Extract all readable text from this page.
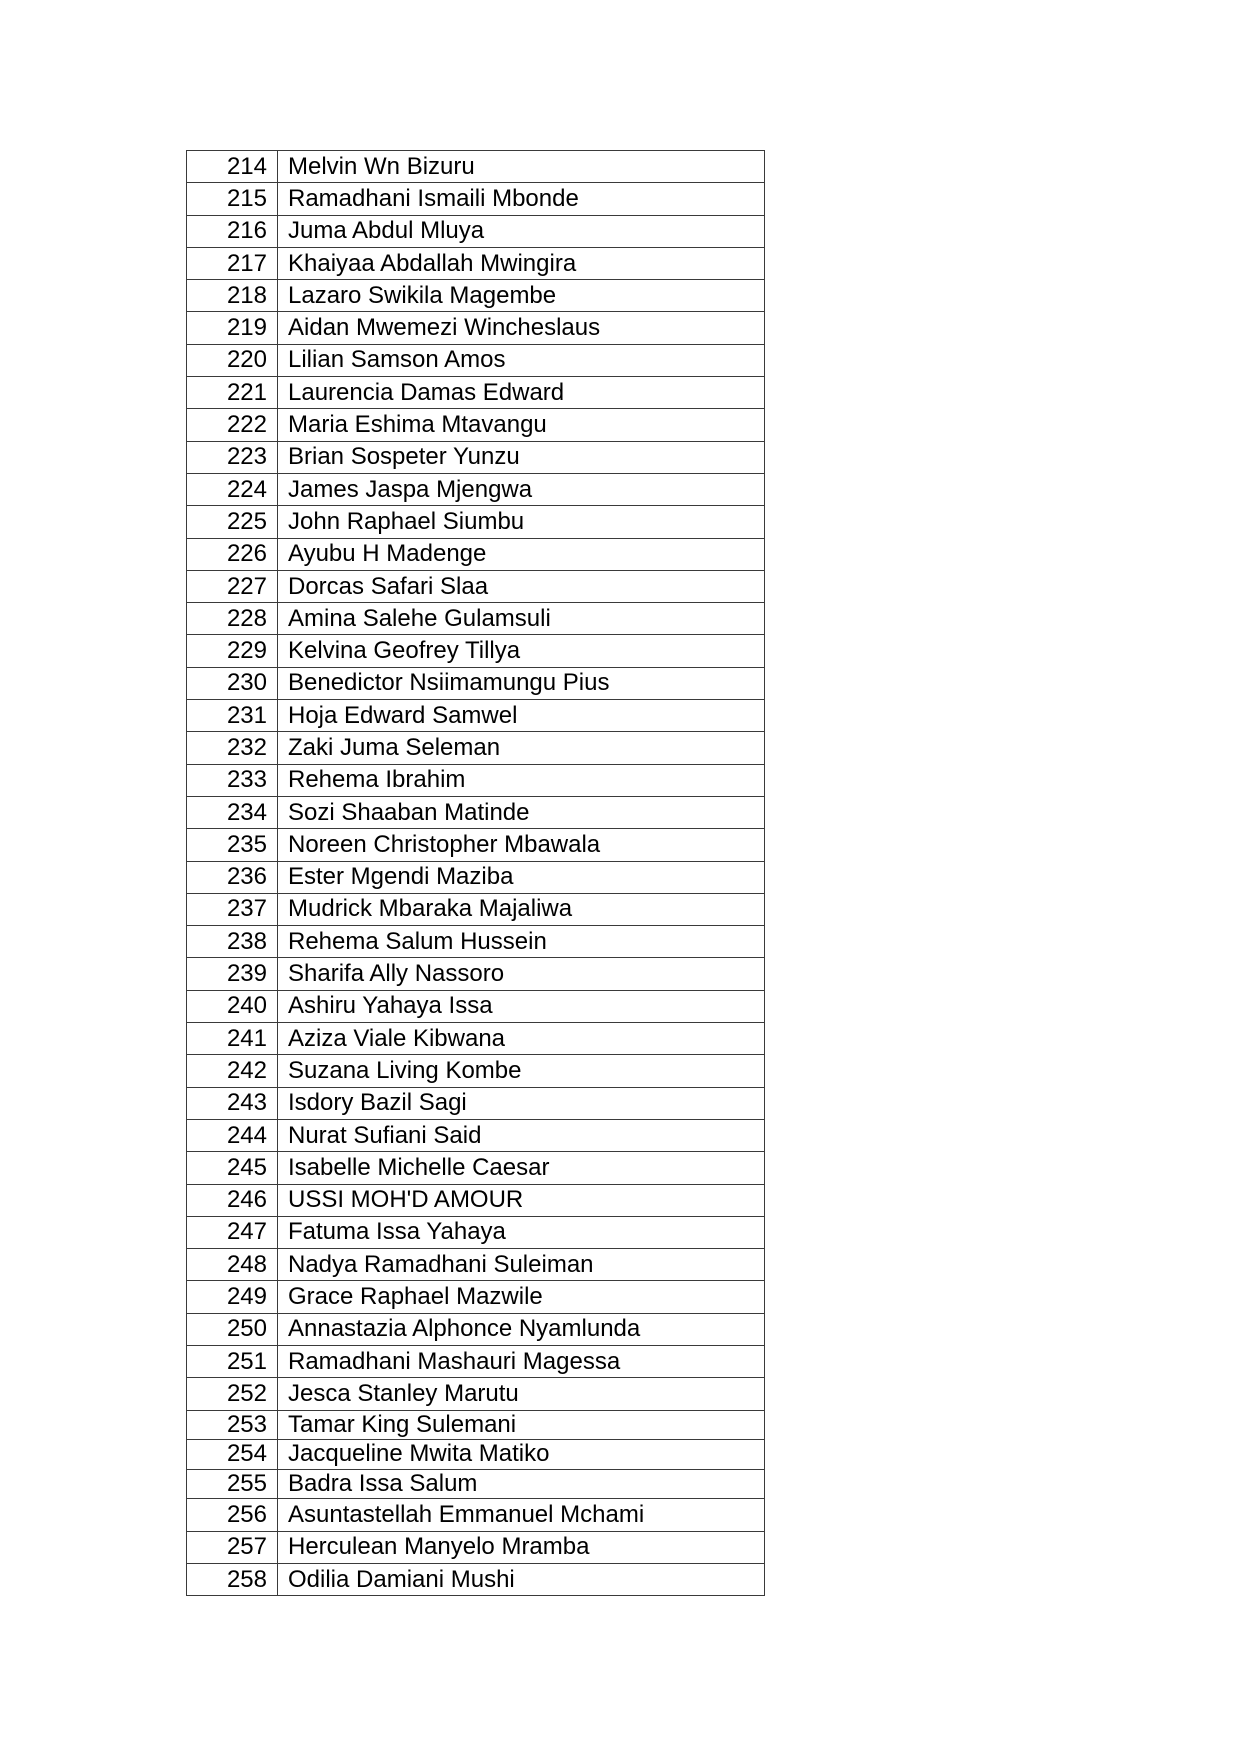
214	Melvin Wn Bizuru
215	Ramadhani Ismaili Mbonde
216	Juma Abdul Mluya
217	Khaiyaa Abdallah Mwingira
218	Lazaro Swikila Magembe
219	Aidan Mwemezi Wincheslaus
220	Lilian Samson Amos
221	Laurencia Damas Edward
222	Maria Eshima Mtavangu
223	Brian Sospeter Yunzu
224	James Jaspa Mjengwa
225	John Raphael Siumbu
226	Ayubu H Madenge
227	Dorcas Safari Slaa
228	Amina Salehe Gulamsuli
229	Kelvina Geofrey Tillya
230	Benedictor Nsiimamungu Pius
231	Hoja Edward Samwel
232	Zaki Juma Seleman
233	Rehema Ibrahim
234	Sozi Shaaban Matinde
235	Noreen Christopher Mbawala
236	Ester Mgendi Maziba
237	Mudrick Mbaraka Majaliwa
238	Rehema Salum Hussein
239	Sharifa Ally Nassoro
240	Ashiru Yahaya Issa
241	Aziza Viale Kibwana
242	Suzana Living Kombe
243	Isdory Bazil Sagi
244	Nurat Sufiani Said
245	Isabelle Michelle Caesar
246	USSI MOH'D AMOUR
247	Fatuma Issa Yahaya
248	Nadya Ramadhani Suleiman
249	Grace Raphael Mazwile
250	Annastazia Alphonce Nyamlunda
251	Ramadhani Mashauri Magessa
252	Jesca Stanley Marutu
253	Tamar King Sulemani
254	Jacqueline Mwita Matiko
255	Badra Issa Salum
256	Asuntastellah Emmanuel Mchami
257	Herculean Manyelo Mramba
258	Odilia Damiani Mushi
